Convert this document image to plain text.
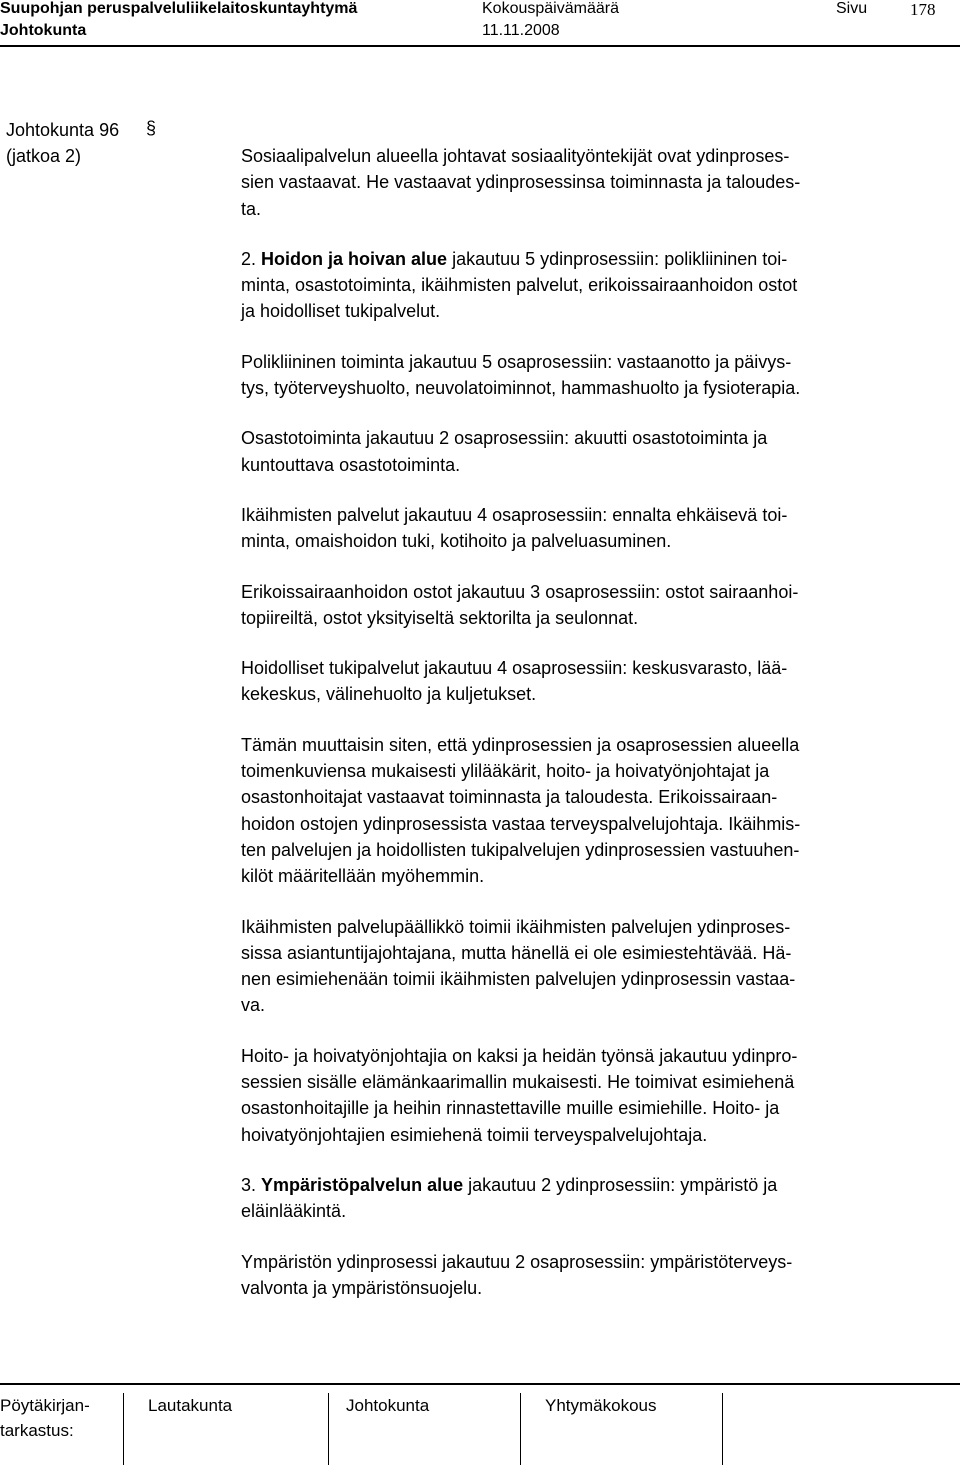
Suupohjan peruspalveluliikelaitoskuntayhtymä	Kokouspäivämäärä	Sivu	178
Johtokunta	11.11.2008
Johtokunta 96 §
(jatkoa 2)	Sosiaalipalvelun alueella johtavat sosiaalityöntekijät ovat ydinproses-
sien vastaavat. He vastaavat ydinprosessinsa toiminnasta ja taloudes-
ta.

2. Hoidon ja hoivan alue jakautuu 5 ydinprosessiin: polikliininen toi-
minta, osastotoiminta, ikäihmisten palvelut, erikoissairaanhoidon ostot
ja hoidolliset tukipalvelut.

Polikliininen toiminta jakautuu 5 osaprosessiin: vastaanotto ja päivys-
tys, työterveyshuolto, neuvolatoiminnot, hammashuolto ja fysioterapia.

Osastotoiminta jakautuu 2 osaprosessiin: akuutti osastotoiminta ja
kuntouttava osastotoiminta.

Ikäihmisten palvelut jakautuu 4 osaprosessiin: ennalta ehkäisevä toi-
minta, omaishoidon tuki, kotihoito ja palveluasuminen.

Erikoissairaanhoidon ostot jakautuu 3 osaprosessiin: ostot sairaanhoi-
topiireiltä, ostot yksityiseltä sektorilta ja seulonnat.

Hoidolliset tukipalvelut jakautuu 4 osaprosessiin: keskusvarasto, lää-
kekeskus, välinehuolto ja kuljetukset.

Tämän muuttaisin siten, että ydinprosessien ja osaprosessien alueella
toimenkuviensa mukaisesti ylilääkärit, hoito- ja hoivatyönjohtajat ja
osastonhoitajat vastaavat toiminnasta ja taloudesta. Erikoissairaan-
hoidon ostojen ydinprosessista vastaa terveyspalvelujohtaja. Ikäihmis-
ten palvelujen ja hoidollisten tukipalvelujen ydinprosessien vastuuhen-
kilöt määritellään myöhemmin.

Ikäihmisten palvelupäällikkö toimii ikäihmisten palvelujen ydinproses-
sissa asiantuntijajohtajana, mutta hänellä ei ole esimiestehtävää. Hä-
nen esimiehenään toimii ikäihmisten palvelujen ydinprosessin vastaa-
va.

Hoito- ja hoivatyönjohtajia on kaksi ja heidän työnsä jakautuu ydinpro-
sessien sisälle elämänkaarimallin mukaisesti. He toimivat esimiehenä
osastonhoitajille ja heihin rinnastettaville muille esimiehille. Hoito- ja
hoivatyönjohtajien esimiehenä toimii terveyspalvelujohtaja.

3. Ympäristöpalvelun alue jakautuu 2 ydinprosessiin: ympäristö ja
eläinlääkintä.

Ympäristön ydinprosessi jakautuu 2 osaprosessiin: ympäristöterveys-
valvonta ja ympäristönsuojelu.

Pöytäkirjan-
tarkastus:
Lautakunta	Johtokunta	Yhtymäkokous
